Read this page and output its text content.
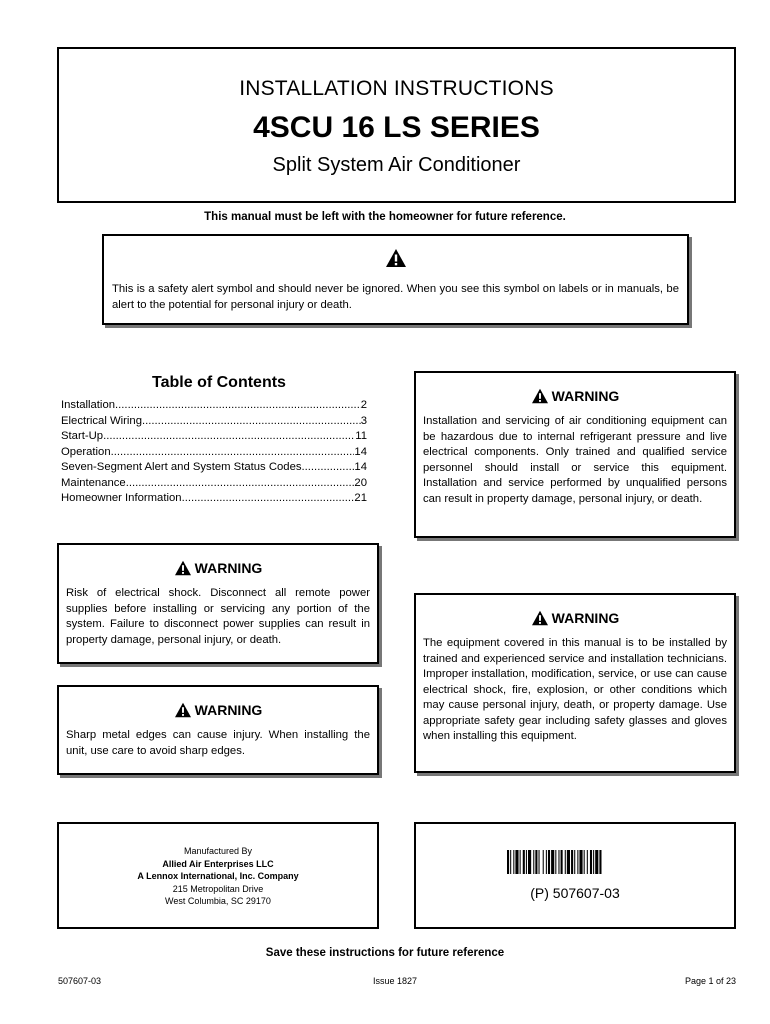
INSTALLATION INSTRUCTIONS
4SCU 16 LS SERIES
Split System Air Conditioner
This manual must be left with the homeowner for future reference.

This is a safety alert symbol and should never be ignored. When you see this symbol on labels or in manuals, be alert to the potential for personal injury or death.

Table of Contents
Installation .....	2
Electrical Wiring .....	3
Start-Up .....	11
Operation .....	14
Seven-Segment Alert and System Status Codes .....	14
Maintenance .....	20
Homeowner Information .....	21
WARNING
Installation and servicing of air conditioning equipment can be hazardous due to internal refrigerant pressure and live electrical components. Only trained and qualified service personnel should install or service this equipment. Installation and service performed by unqualified persons can result in property damage, personal injury, or death.
WARNING
Risk of electrical shock. Disconnect all remote power supplies before installing or servicing any portion of the system. Failure to disconnect power supplies can result in property damage, personal injury, or death.
WARNING
The equipment covered in this manual is to be installed by trained and experienced service and installation technicians. Improper installation, modification, service, or use can cause electrical shock, fire, explosion, or other conditions which may cause personal injury, death, or property damage. Use appropriate safety gear including safety glasses and gloves when installing this equipment.
WARNING
Sharp metal edges can cause injury. When installing the unit, use care to avoid sharp edges.
Manufactured By
Allied Air Enterprises LLC
A Lennox International, Inc. Company
215 Metropolitan Drive
West Columbia, SC 29170	(P) 507607-03
Save these instructions for future reference
507607-03	Issue 1827	Page 1 of 23
